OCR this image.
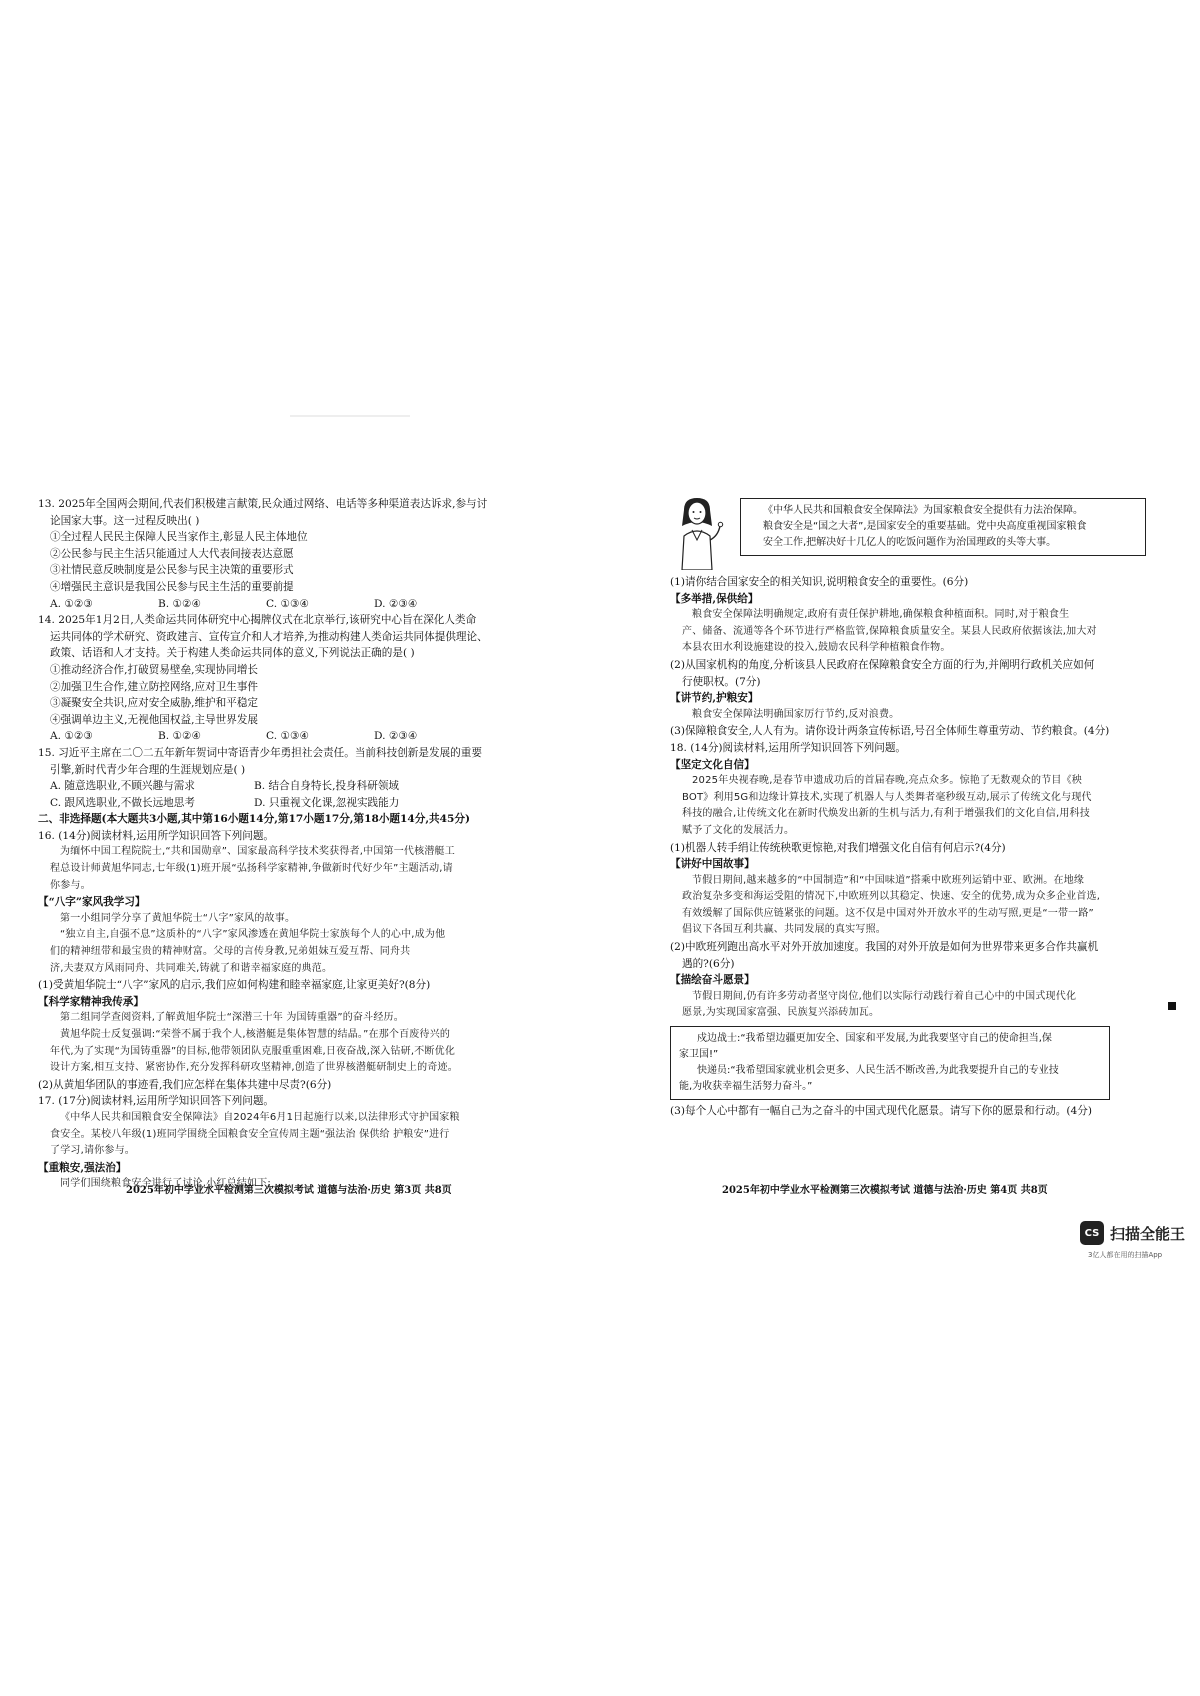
13. 2025年全国两会期间,代表们积极建言献策,民众通过网络、电话等多种渠道表达诉求,参与讨
论国家大事。这一过程反映出( )
①全过程人民民主保障人民当家作主,彰显人民主体地位
②公民参与民主生活只能通过人大代表间接表达意愿
③社情民意反映制度是公民参与民主决策的重要形式
④增强民主意识是我国公民参与民主生活的重要前提
A. ①②③	B. ①②④	C. ①③④	D. ②③④
14. 2025年1月2日,人类命运共同体研究中心揭牌仪式在北京举行,该研究中心旨在深化人类命
运共同体的学术研究、资政建言、宣传宣介和人才培养,为推动构建人类命运共同体提供理论、
政策、话语和人才支持。关于构建人类命运共同体的意义,下列说法正确的是( )
①推动经济合作,打破贸易壁垒,实现协同增长
②加强卫生合作,建立防控网络,应对卫生事件
③凝聚安全共识,应对安全威胁,维护和平稳定
④强调单边主义,无视他国权益,主导世界发展
A. ①②③	B. ①②④	C. ①③④	D. ②③④
15. 习近平主席在二〇二五年新年贺词中寄语青少年勇担社会责任。当前科技创新是发展的重要
引擎,新时代青少年合理的生涯规划应是( )
A. 随意选职业,不顾兴趣与需求	B. 结合自身特长,投身科研领域
C. 跟风选职业,不做长远地思考	D. 只重视文化课,忽视实践能力
二、非选择题(本大题共3小题,其中第16小题14分,第17小题17分,第18小题14分,共45分)
16. (14分)阅读材料,运用所学知识回答下列问题。
为缅怀中国工程院院士,“共和国勋章”、国家最高科学技术奖获得者,中国第一代核潜艇工
程总设计师黄旭华同志,七年级(1)班开展“弘扬科学家精神,争做新时代好少年”主题活动,请
你参与。
【“八字”家风我学习】
第一小组同学分享了黄旭华院士“八字”家风的故事。
“独立自主,自强不息”这质朴的“八字”家风渗透在黄旭华院士家族每个人的心中,成为他
们的精神纽带和最宝贵的精神财富。父母的言传身教,兄弟姐妹互爱互帮、同舟共
济,夫妻双方风雨同舟、共同难关,铸就了和谐幸福家庭的典范。
(1)受黄旭华院士“八字”家风的启示,我们应如何构建和睦幸福家庭,让家更美好?(8分)
【科学家精神我传承】
第二组同学查阅资料,了解黄旭华院士“深潜三十年 为国铸重器”的奋斗经历。
黄旭华院士反复强调:“荣誉不属于我个人,核潜艇是集体智慧的结晶。”在那个百废待兴的
年代,为了实现“为国铸重器”的目标,他带领团队克服重重困难,日夜奋战,深入钻研,不断优化
设计方案,相互支持、紧密协作,充分发挥科研攻坚精神,创造了世界核潜艇研制史上的奇迹。
(2)从黄旭华团队的事迹看,我们应怎样在集体共建中尽责?(6分)
17. (17分)阅读材料,运用所学知识回答下列问题。
《中华人民共和国粮食安全保障法》自2024年6月1日起施行以来,以法律形式守护国家粮
食安全。某校八年级(1)班同学围绕全国粮食安全宣传周主题“强法治 保供给 护粮安”进行
了学习,请你参与。
【重粮安,强法治】
同学们围绕粮食安全进行了讨论,小红总结如下:
2025年初中学业水平检测第三次模拟考试 道德与法治·历史 第3页 共8页
《中华人民共和国粮食安全保障法》为国家粮食安全提供有力法治保障。
粮食安全是“国之大者”,是国家安全的重要基础。党中央高度重视国家粮食
安全工作,把解决好十几亿人的吃饭问题作为治国理政的头等大事。
(1)请你结合国家安全的相关知识,说明粮食安全的重要性。(6分)
【多举措,保供给】
粮食安全保障法明确规定,政府有责任保护耕地,确保粮食种植面积。同时,对于粮食生
产、储备、流通等各个环节进行严格监管,保障粮食质量安全。某县人民政府依据该法,加大对
本县农田水利设施建设的投入,鼓励农民科学种植粮食作物。
(2)从国家机构的角度,分析该县人民政府在保障粮食安全方面的行为,并阐明行政机关应如何
行使职权。(7分)
【讲节约,护粮安】
粮食安全保障法明确国家厉行节约,反对浪费。
(3)保障粮食安全,人人有为。请你设计两条宣传标语,号召全体师生尊重劳动、节约粮食。(4分)
18. (14分)阅读材料,运用所学知识回答下列问题。
【坚定文化自信】
2025年央视春晚,是春节申遗成功后的首届春晚,亮点众多。惊艳了无数观众的节目《秧
BOT》利用5G和边缘计算技术,实现了机器人与人类舞者毫秒级互动,展示了传统文化与现代
科技的融合,让传统文化在新时代焕发出新的生机与活力,有利于增强我们的文化自信,用科技
赋予了文化的发展活力。
(1)机器人转手绢让传统秧歌更惊艳,对我们增强文化自信有何启示?(4分)
【讲好中国故事】
节假日期间,越来越多的“中国制造”和“中国味道”搭乘中欧班列运销中亚、欧洲。在地缘
政治复杂多变和海运受阻的情况下,中欧班列以其稳定、快速、安全的优势,成为众多企业首选,
有效缓解了国际供应链紧张的问题。这不仅是中国对外开放水平的生动写照,更是“一带一路”
倡议下各国互利共赢、共同发展的真实写照。
(2)中欧班列跑出高水平对外开放加速度。我国的对外开放是如何为世界带来更多合作共赢机
遇的?(6分)
【描绘奋斗愿景】
节假日期间,仍有许多劳动者坚守岗位,他们以实际行动践行着自己心中的中国式现代化
愿景,为实现国家富强、民族复兴添砖加瓦。
戍边战士:“我希望边疆更加安全、国家和平发展,为此我要坚守自己的使命担当,保
家卫国!”
快递员:“我希望国家就业机会更多、人民生活不断改善,为此我要提升自己的专业技
能,为收获幸福生活努力奋斗。”
(3)每个人心中都有一幅自己为之奋斗的中国式现代化愿景。请写下你的愿景和行动。(4分)
2025年初中学业水平检测第三次模拟考试 道德与法治·历史 第4页 共8页
CS 扫描全能王
3亿人都在用的扫描App
